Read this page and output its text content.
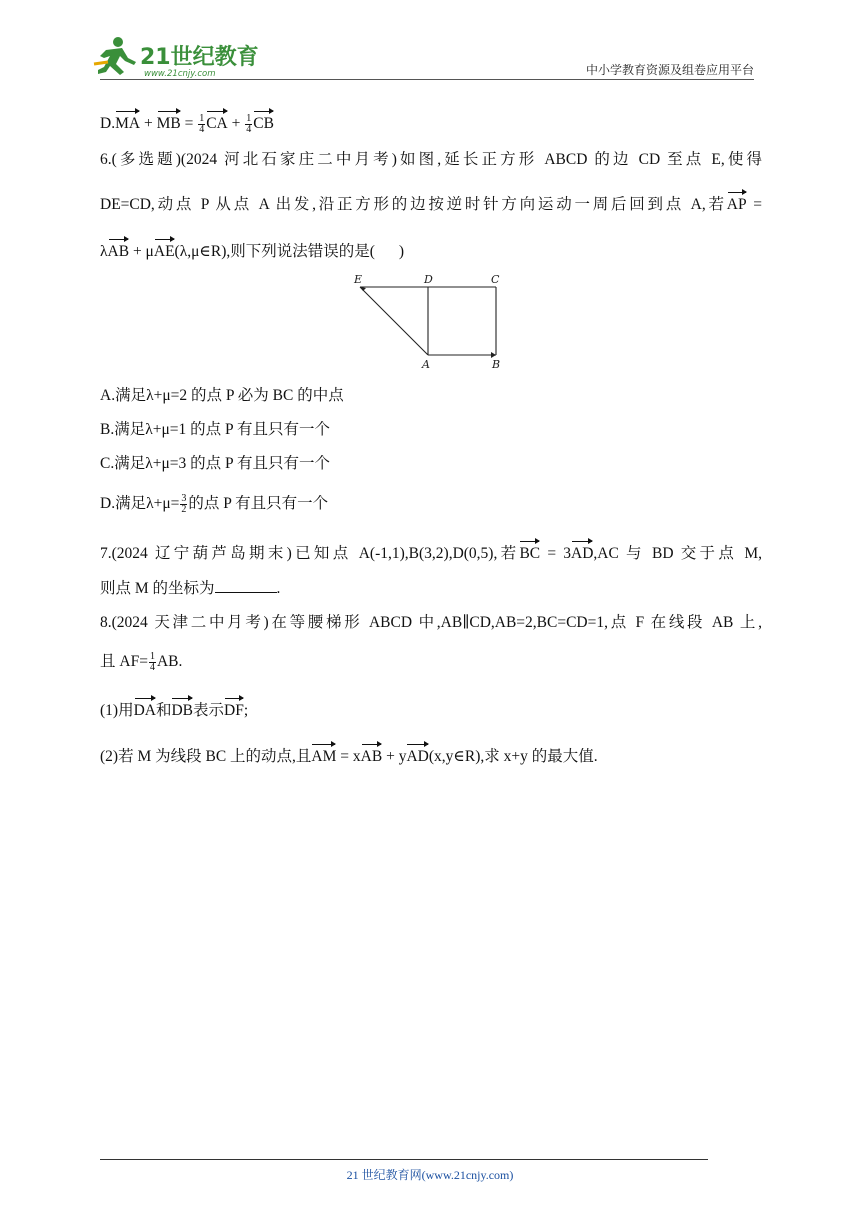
21世纪教育
www.21cnjy.com	中小学教育资源及组卷应用平台
D.MA + MB = $\frac{1}{4}$ CA + $\frac{1}{4}$ CB
6.(多选题)(2024 河北石家庄二中月考)如图,延长正方形 ABCD 的边 CD 至点 E,使得
DE=CD,动点 P 从点 A 出发,沿正方形的边按逆时针方向运动一周后回到点 A,若AP =
λAB + μAE(λ,μ∈R),则下列说法错误的是( )
E	D	C
A	B
A.满足λ+μ=2 的点 P 必为 BC 的中点
B.满足λ+μ=1 的点 P 有且只有一个
C.满足λ+μ=3 的点 P 有且只有一个
D.满足$\lambda+\mu= \frac{3}{2}$ 的点 P 有且只有一个
7.(2024 辽宁葫芦岛期末)已知点 A(-1,1),B(3,2),D(0,5),若BC = 3AD,AC 与 BD 交于点 M,
则点 M 的坐标为	.
8.(2024 天津二中月考)在等腰梯形 ABCD 中,AB∥CD,AB=2,BC=CD=1,点 F 在线段 AB 上,
且 $AF= \frac{1}{4}$ AB.
(1)用DA和DB表示DF;
(2)若 M 为线段 BC 上的动点,且AM = xAB + yAD(x,y∈R),求 x+y 的最大值.
21 世纪教育网(www.21cnjy.com)
